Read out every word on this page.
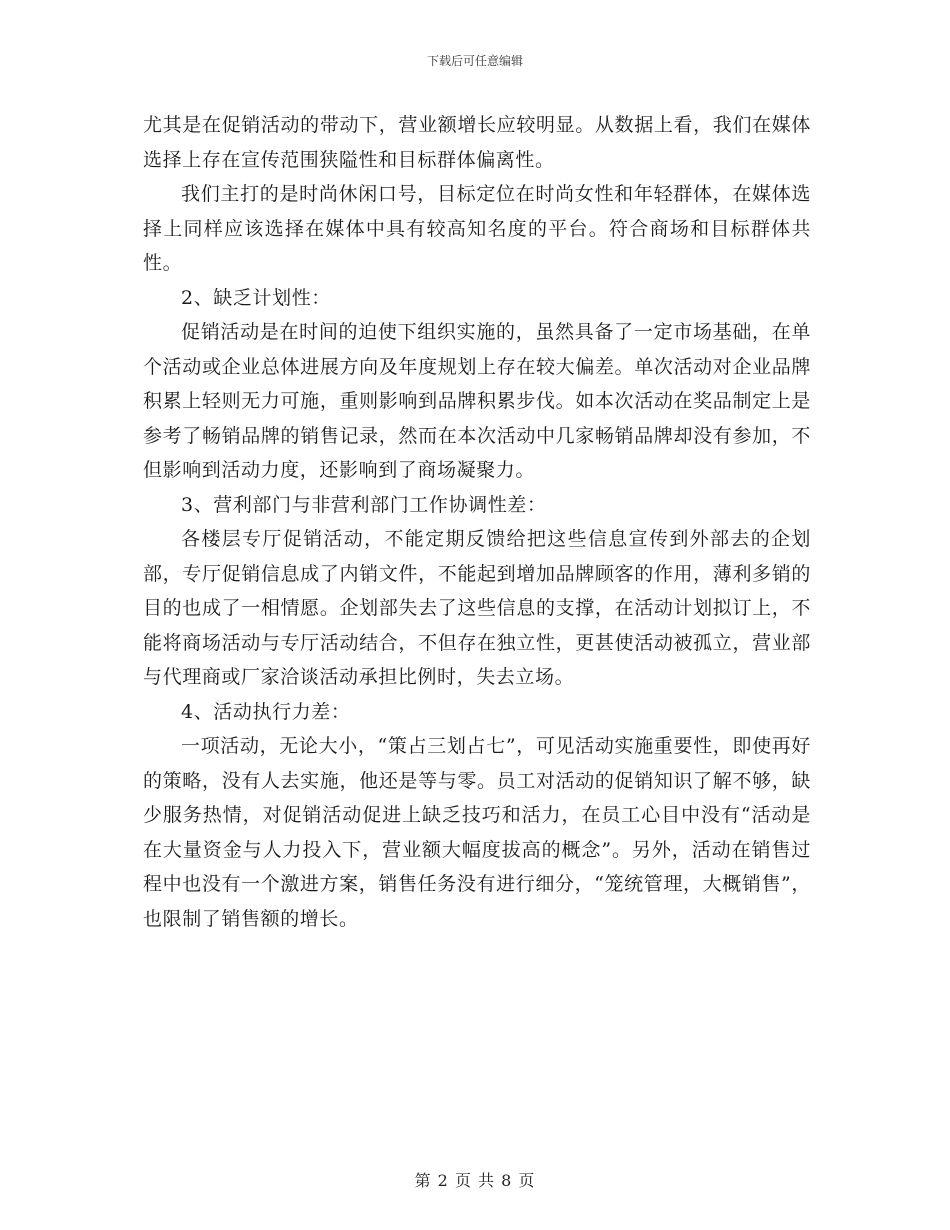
下载后可任意编辑

尤其是在促销活动的带动下，营业额增长应较明显。从数据上看，我们在媒体选择上存在宣传范围狭隘性和目标群体偏离性。

我们主打的是时尚休闲口号，目标定位在时尚女性和年轻群体，在媒体选择上同样应该选择在媒体中具有较高知名度的平台。符合商场和目标群体共性。

2、缺乏计划性：

促销活动是在时间的迫使下组织实施的，虽然具备了一定市场基础，在单个活动或企业总体进展方向及年度规划上存在较大偏差。单次活动对企业品牌积累上轻则无力可施，重则影响到品牌积累步伐。如本次活动在奖品制定上是参考了畅销品牌的销售记录，然而在本次活动中几家畅销品牌却没有参加，不但影响到活动力度，还影响到了商场凝聚力。

3、营利部门与非营利部门工作协调性差：

各楼层专厅促销活动，不能定期反馈给把这些信息宣传到外部去的企划部，专厅促销信息成了内销文件，不能起到增加品牌顾客的作用，薄利多销的目的也成了一相情愿。企划部失去了这些信息的支撑，在活动计划拟订上，不能将商场活动与专厅活动结合，不但存在独立性，更甚使活动被孤立，营业部与代理商或厂家洽谈活动承担比例时，失去立场。

4、活动执行力差：

一项活动，无论大小，“策占三划占七”，可见活动实施重要性，即使再好的策略，没有人去实施，他还是等与零。员工对活动的促销知识了解不够，缺少服务热情，对促销活动促进上缺乏技巧和活力，在员工心目中没有“活动是在大量资金与人力投入下，营业额大幅度拔高的概念”。另外，活动在销售过程中也没有一个激进方案，销售任务没有进行细分，“笼统管理，大概销售”，也限制了销售额的增长。

第 2 页 共 8 页
